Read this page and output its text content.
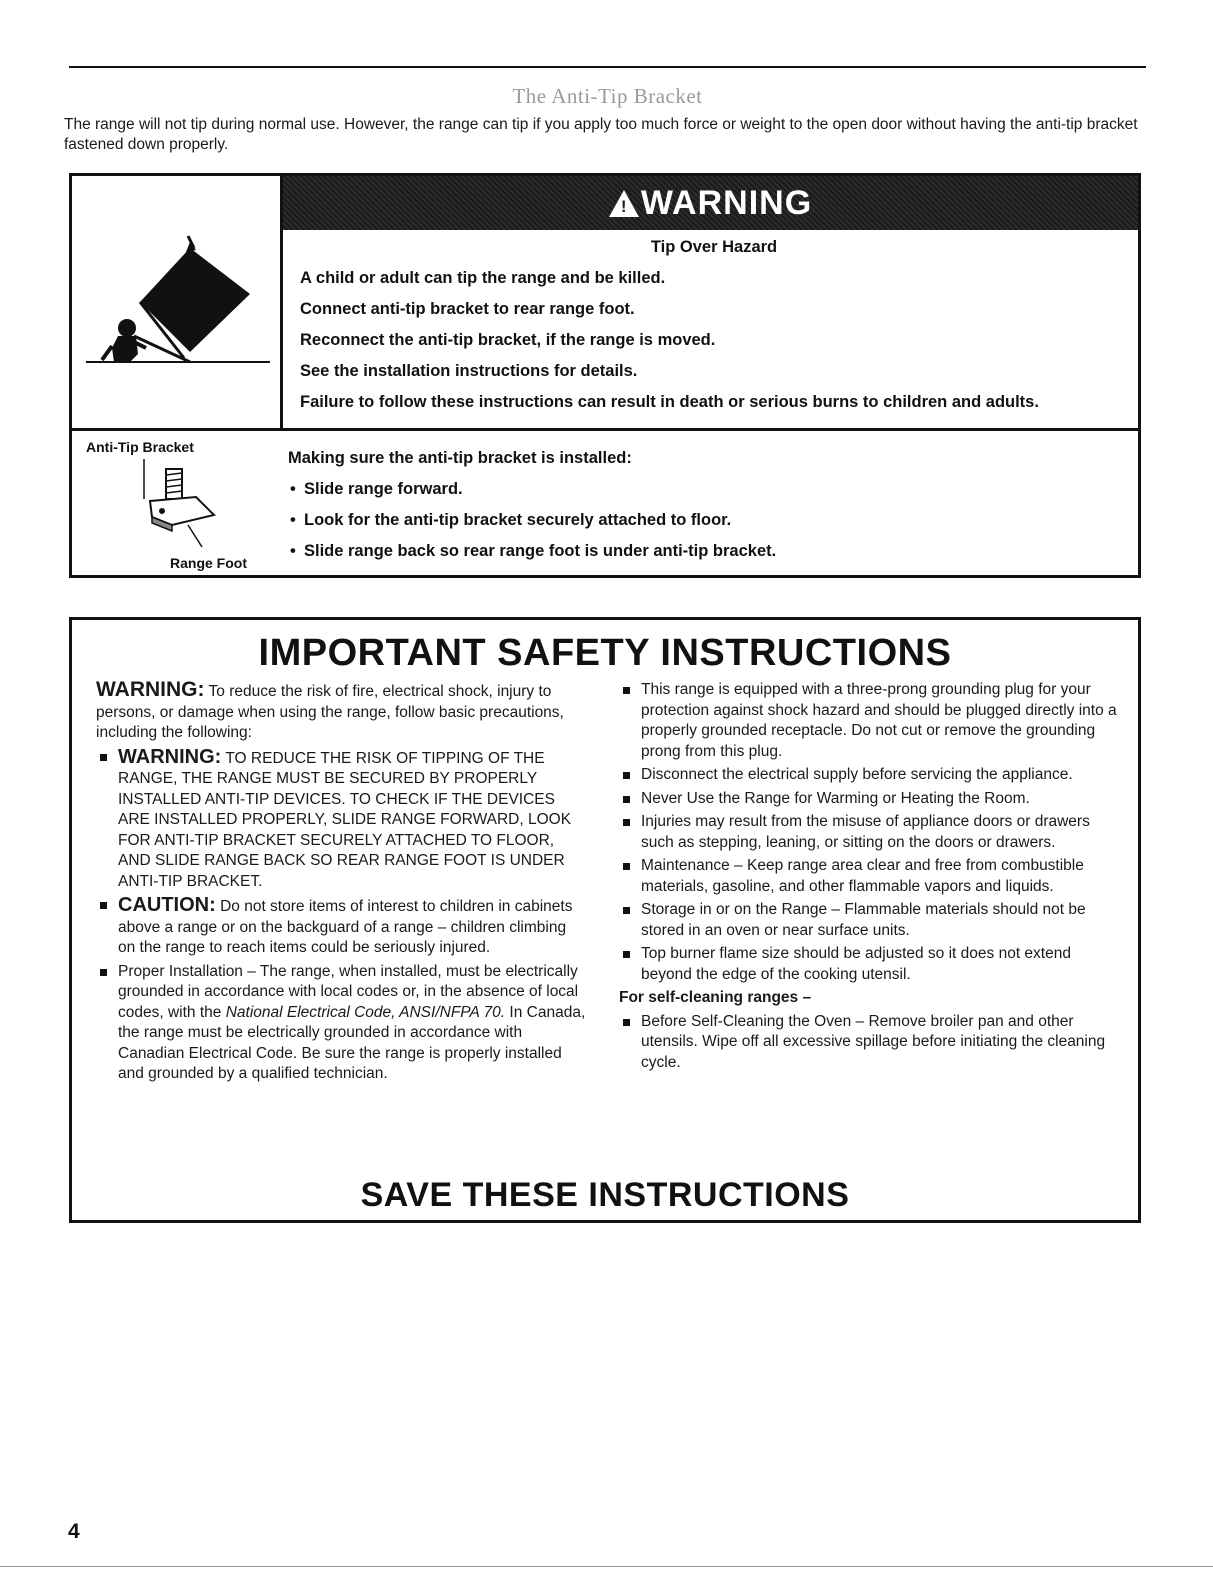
The Anti-Tip Bracket
The range will not tip during normal use. However, the range can tip if you apply too much force or weight to the open door without having the anti-tip bracket fastened down properly.
! WARNING
Tip Over Hazard
A child or adult can tip the range and be killed.
Connect anti-tip bracket to rear range foot.
Reconnect the anti-tip bracket, if the range is moved.
See the installation instructions for details.
Failure to follow these instructions can result in death or serious burns to children and adults.
Anti-Tip Bracket
Range Foot
Making sure the anti-tip bracket is installed:
• Slide range forward.
• Look for the anti-tip bracket securely attached to floor.
• Slide range back so rear range foot is under anti-tip bracket.
IMPORTANT SAFETY INSTRUCTIONS
WARNING: To reduce the risk of fire, electrical shock, injury to persons, or damage when using the range, follow basic precautions, including the following:
WARNING: TO REDUCE THE RISK OF TIPPING OF THE RANGE, THE RANGE MUST BE SECURED BY PROPERLY INSTALLED ANTI-TIP DEVICES. TO CHECK IF THE DEVICES ARE INSTALLED PROPERLY, SLIDE RANGE FORWARD, LOOK FOR ANTI-TIP BRACKET SECURELY ATTACHED TO FLOOR, AND SLIDE RANGE BACK SO REAR RANGE FOOT IS UNDER ANTI-TIP BRACKET.
CAUTION: Do not store items of interest to children in cabinets above a range or on the backguard of a range – children climbing on the range to reach items could be seriously injured.
Proper Installation – The range, when installed, must be electrically grounded in accordance with local codes or, in the absence of local codes, with the National Electrical Code, ANSI/NFPA 70. In Canada, the range must be electrically grounded in accordance with Canadian Electrical Code. Be sure the range is properly installed and grounded by a qualified technician.
This range is equipped with a three-prong grounding plug for your protection against shock hazard and should be plugged directly into a properly grounded receptacle. Do not cut or remove the grounding prong from this plug.
Disconnect the electrical supply before servicing the appliance.
Never Use the Range for Warming or Heating the Room.
Injuries may result from the misuse of appliance doors or drawers such as stepping, leaning, or sitting on the doors or drawers.
Maintenance – Keep range area clear and free from combustible materials, gasoline, and other flammable vapors and liquids.
Storage in or on the Range – Flammable materials should not be stored in an oven or near surface units.
Top burner flame size should be adjusted so it does not extend beyond the edge of the cooking utensil.
For self-cleaning ranges –
Before Self-Cleaning the Oven – Remove broiler pan and other utensils. Wipe off all excessive spillage before initiating the cleaning cycle.
SAVE THESE INSTRUCTIONS
4
